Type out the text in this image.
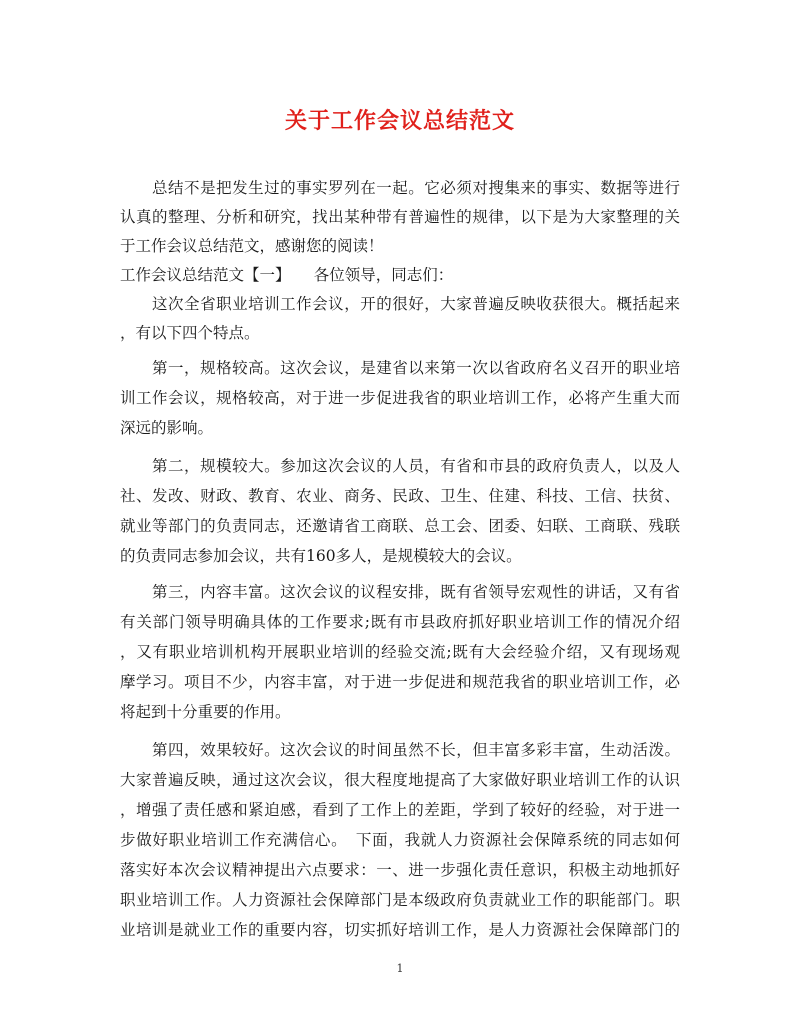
关于工作会议总结范文
　　总结不是把发生过的事实罗列在一起。它必须对搜集来的事实、数据等进行
认真的整理、分析和研究，找出某种带有普遍性的规律，以下是为大家整理的关
于工作会议总结范文，感谢您的阅读！
工作会议总结范文【一】　　各位领导，同志们：
　　这次全省职业培训工作会议，开的很好，大家普遍反映收获很大。概括起来
，有以下四个特点。
　　第一，规格较高。这次会议，是建省以来第一次以省政府名义召开的职业培
训工作会议，规格较高，对于进一步促进我省的职业培训工作，必将产生重大而
深远的影响。
　　第二，规模较大。参加这次会议的人员，有省和市县的政府负责人，以及人
社、发改、财政、教育、农业、商务、民政、卫生、住建、科技、工信、扶贫、
就业等部门的负责同志，还邀请省工商联、总工会、团委、妇联、工商联、残联
的负责同志参加会议，共有160多人，是规模较大的会议。
　　第三，内容丰富。这次会议的议程安排，既有省领导宏观性的讲话，又有省
有关部门领导明确具体的工作要求;既有市县政府抓好职业培训工作的情况介绍
，又有职业培训机构开展职业培训的经验交流;既有大会经验介绍，又有现场观
摩学习。项目不少，内容丰富，对于进一步促进和规范我省的职业培训工作，必
将起到十分重要的作用。
　　第四，效果较好。这次会议的时间虽然不长，但丰富多彩丰富，生动活泼。
大家普遍反映，通过这次会议，很大程度地提高了大家做好职业培训工作的认识
，增强了责任感和紧迫感，看到了工作上的差距，学到了较好的经验，对于进一
步做好职业培训工作充满信心。　下面，我就人力资源社会保障系统的同志如何
落实好本次会议精神提出六点要求：一、进一步强化责任意识，积极主动地抓好
职业培训工作。人力资源社会保障部门是本级政府负责就业工作的职能部门。职
业培训是就业工作的重要内容，切实抓好培训工作，是人力资源社会保障部门的
1
